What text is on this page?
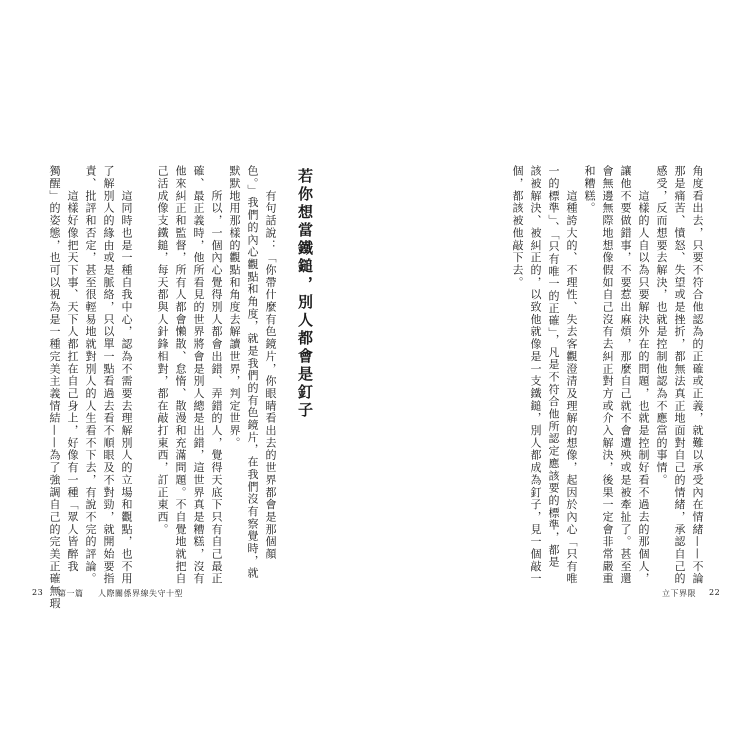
角度看出去，只要不符合他認為的正確或正義，就難以承受內在情緒——不論
那是痛苦、憤怒、失望或是挫折，都無法真正地面對自己的情緒，承認自己的
感受，反而想要去解決，也就是控制他認為不應當的事情。
　　這樣的人自以為只要解決外在的問題，也就是控制好看不過去的那個人，
讓他不要做錯事，不要惹出麻煩，那麼自己就不會遭殃或是被牽扯了。甚至還
會無邊無際地想像假如自己沒有去糾正對方或介入解決，後果一定會非常嚴重
和糟糕。
　　這種誇大的、不理性、失去客觀澄清及理解的想像，起因於內心「只有唯
一的標準」、「只有唯一的正確」，凡是不符合他所認定應該要的標準，都是
該被解決、被糾正的，以致他就像是一支鐵鎚，別人都成為釘子，見一個敲一
個，都該被他敲下去。
立下界限 22
若你想當鐵鎚，別人都會是釘子
　　有句話說：「你帶什麼有色鏡片，你眼睛看出去的世界都會是那個顏
色。」我們的內心觀點和角度，就是我們的有色鏡片，在我們沒有察覺時，就
默默地用那樣的觀點和角度去解讀世界，判定世界。
　　所以，一個內心覺得別人都會出錯、弄錯的人，覺得天底下只有自己最正
確、最正義時，他所看見的世界將會是別人總是出錯，這世界真是糟糕，沒有
他來糾正和監督，所有人都會懶散、怠惰、散漫和充滿問題。不自覺地就把自
己活成像支鐵鎚，每天都與人針鋒相對，都在敲打東西，訂正東西。
　　這同時也是一種自我中心，認為不需要去理解別人的立場和觀點，也不用
了解別人的緣由或是脈絡，只以單一點看過去看不順眼及不對勁，就開始要指
責、批評和否定，甚至很輕易地就對別人的人生看不下去，有說不完的評論。
　　這樣好像把天下事、天下人都扛在自己身上，好像有一種「眾人皆醉我
獨醒」的姿態，也可以視為是一種完美主義情結——為了強調自己的完美正確無瑕
23 第一篇 人際關係界線失守十型
